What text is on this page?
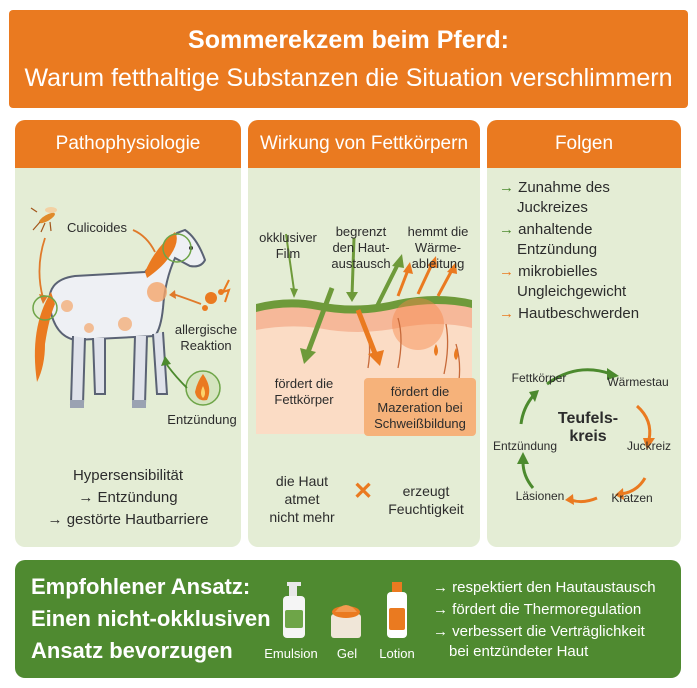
Sommerekzem beim Pferd:
Warum fetthaltige Substanzen die Situation verschlimmern
Pathophysiologie
Culicoides
allergische
Reaktion
Entzündung
Hypersensibilität
→ Entzündung
→ gestörte Hautbarriere
Wirkung von Fettkörpern
okklusiver
Film
begrenzt
den Haut-
austausch
hemmt die
Wärme-
ableitung
fördert die
Fettkörper
fördert die
Mazeration bei
Schweißbildung
die Haut
atmet
nicht mehr
✕	erzeugt
Feuchtigkeit
Folgen
→ Zunahme des
Juckreizes
→ anhaltende
Entzündung
→ mikrobielles
Ungleichgewicht
→ Hautbeschwerden
Teufels-
kreis
Fettkörper	Wärmestau
Juckreiz
Kratzen
Läsionen
Entzündung
Empfohlener Ansatz:
Einen nicht-okklusiven
Ansatz bevorzugen Emulsion	Gel	Lotion
→ respektiert den Hautaustausch
→ fördert die Thermoregulation
→ verbessert die Verträglichkeit
bei entzündeter Haut
